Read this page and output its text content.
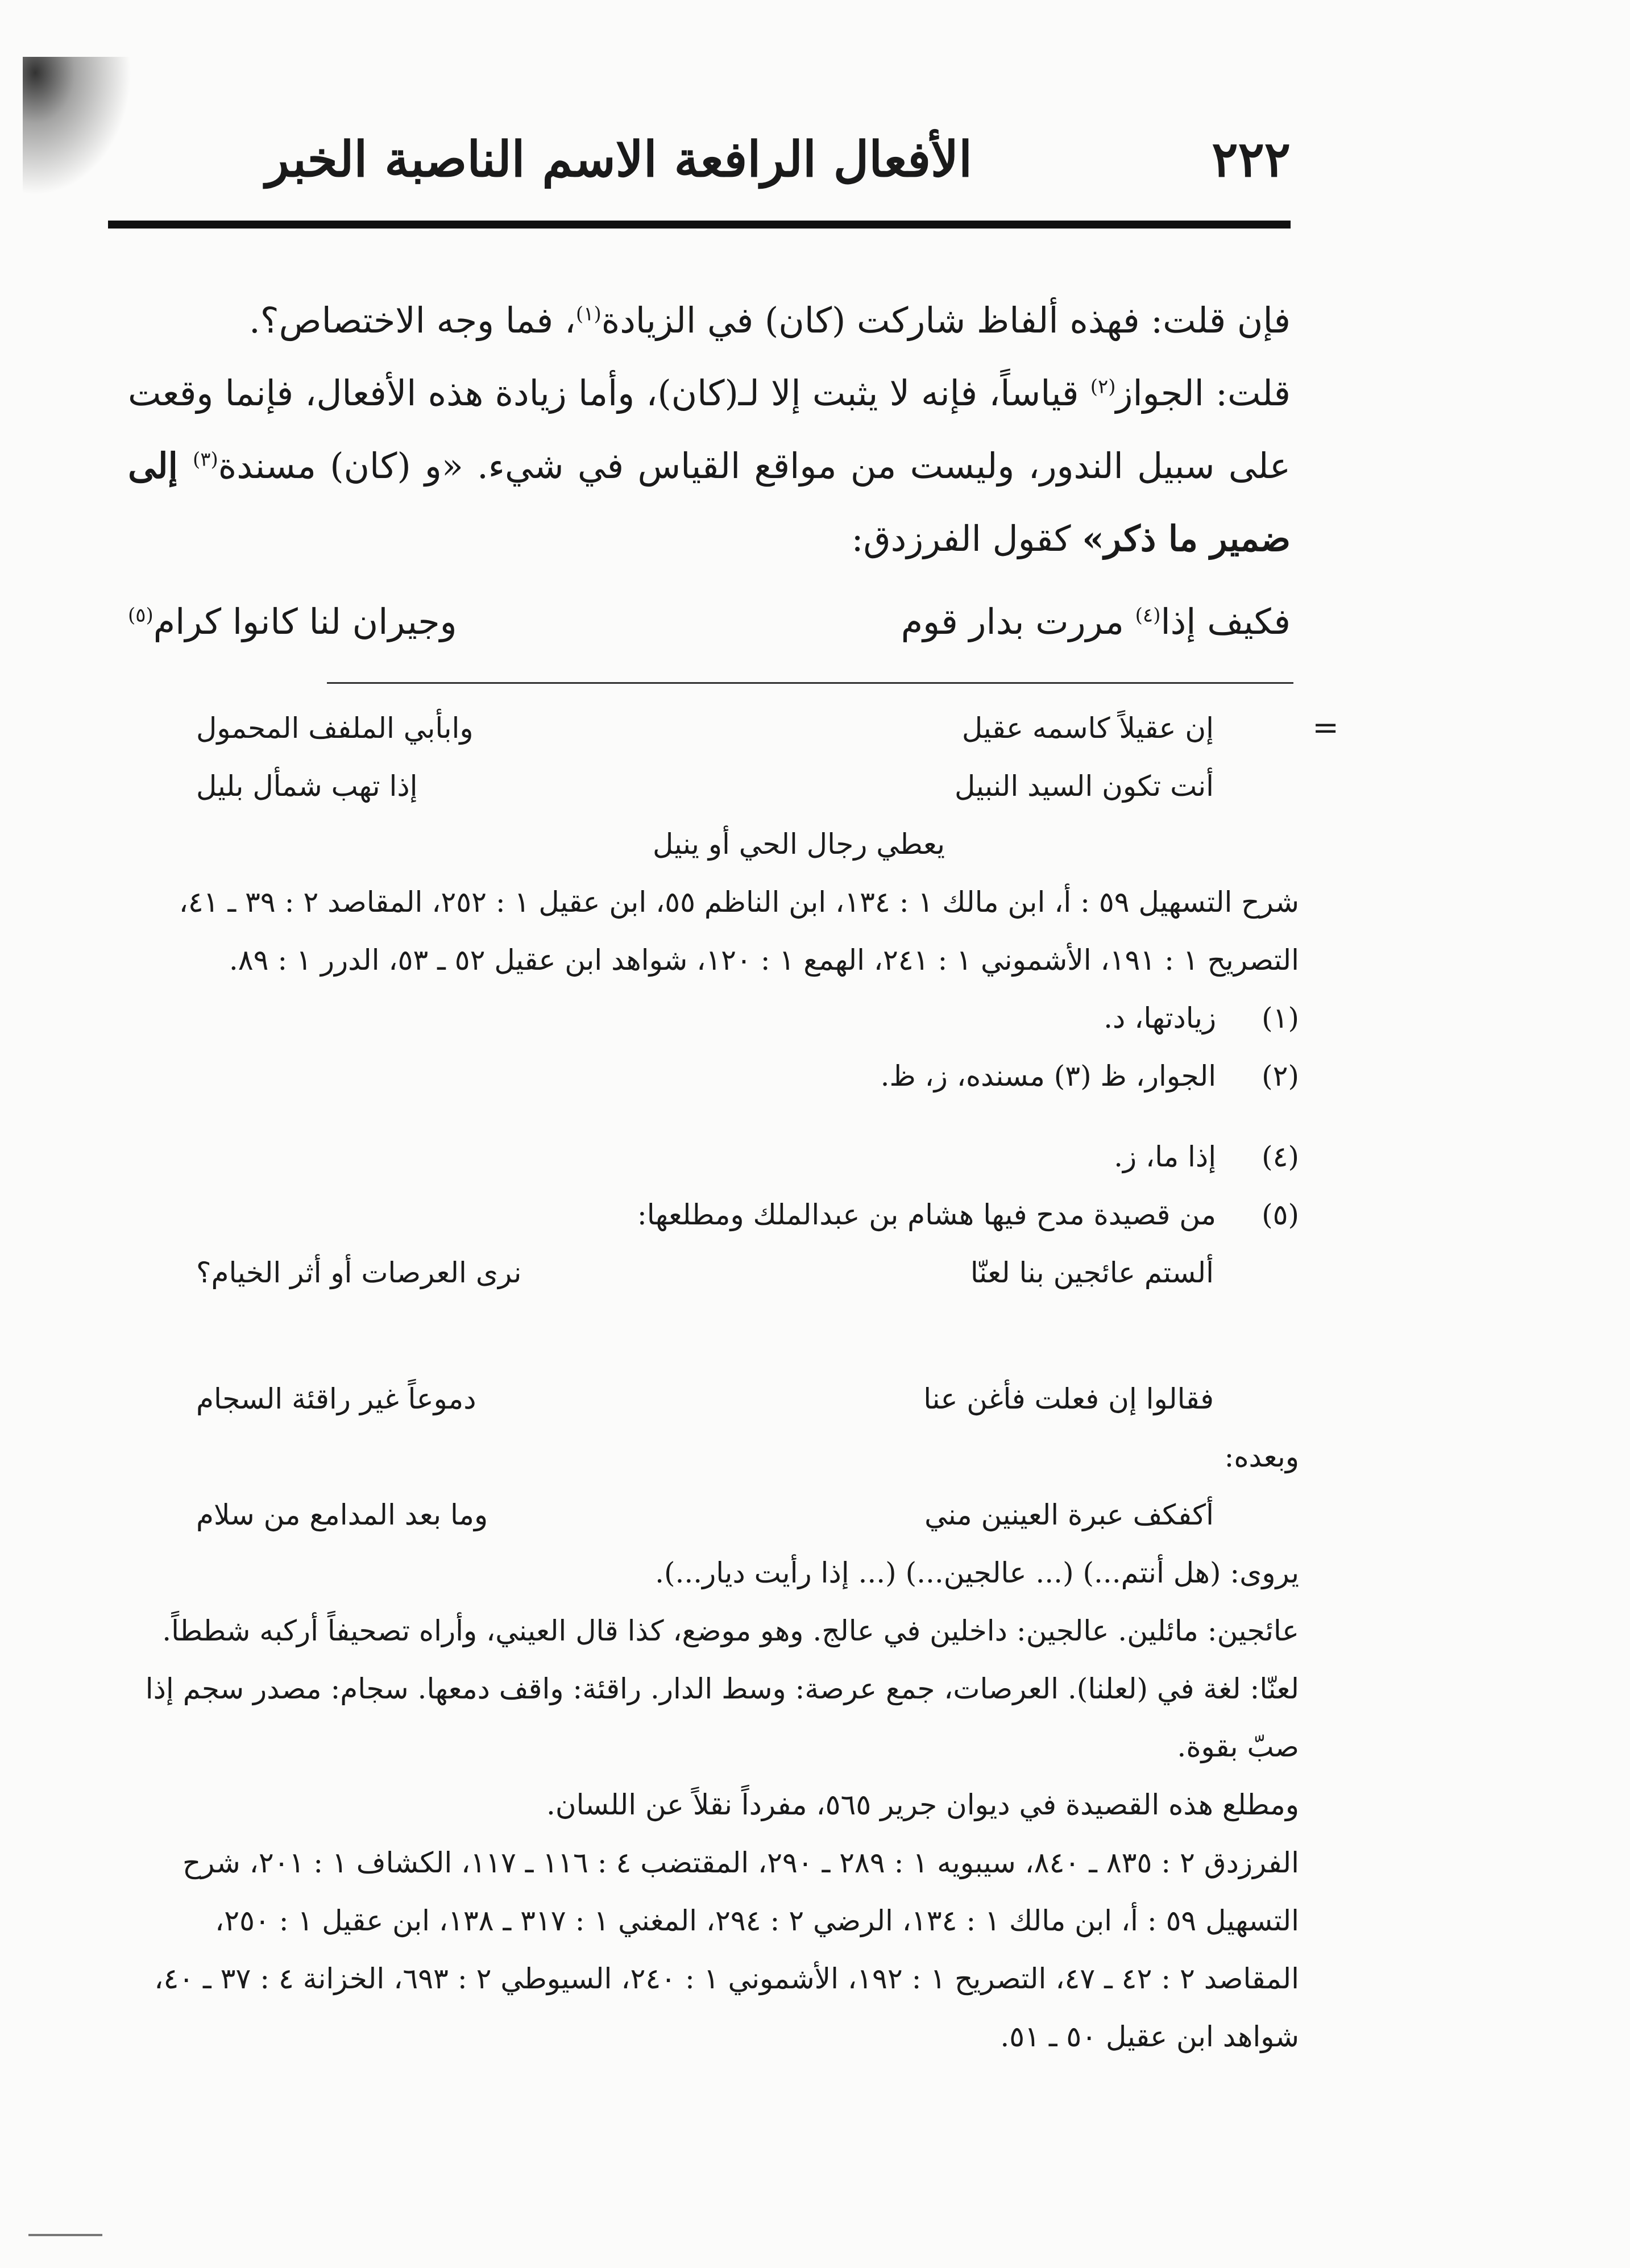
٢٢٢
الأفعال الرافعة الاسم الناصبة الخبر

فإن قلت: فهذه ألفاظ شاركت (كان) في الزيادة$^{(١)}$، فما وجه الاختصاص؟.

قلت: الجواز$^{(٢)}$ قياساً، فإنه لا يثبت إلا لـ(كان)، وأما زيادة هذه الأفعال، فإنما وقعت على سبيل الندور، وليست من مواقع القياس في شيء. «و (كان) مسندة$^{(٣)}$ إلى ضمير ما ذكر» كقول الفرزدق:

فكيف إذا$^{(٤)}$ مررت بدار قوم
وجيران لنا كانوا كرام$^{(٥)}$
=
إن عقيلاً كاسمه عقيل
وابأبي الملفف المحمول
أنت تكون السيد النبيل
إذا تهب شمأل بليل
يعطي رجال الحي أو ينيل

شرح التسهيل ٥٩ : أ، ابن مالك ١ : ١٣٤، ابن الناظم ٥٥، ابن عقيل ١ : ٢٥٢، المقاصد ٢ : ٣٩ ـ ٤١، التصريح ١ : ١٩١، الأشموني ١ : ٢٤١، الهمع ١ : ١٢٠، شواهد ابن عقيل ٥٢ ـ ٥٣، الدرر ١ : ٨٩.

(١) زيادتها، د.

(٢) الجوار، ظ (٣) مسنده، ز، ظ.

(٤) إذا ما، ز.

(٥) من قصيدة مدح فيها هشام بن عبدالملك ومطلعها:

ألستم عائجين بنا لعنّا
نرى العرصات أو أثر الخيام؟
فقالوا إن فعلت فأغن عنا
دموعاً غير راقئة السجام

وبعده:

أكفكف عبرة العينين مني
وما بعد المدامع من سلام

يروى: (هل أنتم...) (... عالجين...) (... إذا رأيت ديار...).

عائجين: مائلين. عالجين: داخلين في عالج. وهو موضع، كذا قال العيني، وأراه تصحيفاً أركبه شططاً. لعنّا: لغة في (لعلنا). العرصات، جمع عرصة: وسط الدار. راقئة: واقف دمعها. سجام: مصدر سجم إذا صبّ بقوة.

ومطلع هذه القصيدة في ديوان جرير ٥٦٥، مفرداً نقلاً عن اللسان.

الفرزدق ٢ : ٨٣٥ ـ ٨٤٠، سيبويه ١ : ٢٨٩ ـ ٢٩٠، المقتضب ٤ : ١١٦ ـ ١١٧، الكشاف ١ : ٢٠١، شرح التسهيل ٥٩ : أ، ابن مالك ١ : ١٣٤، الرضي ٢ : ٢٩٤، المغني ١ : ٣١٧ ـ ١٣٨، ابن عقيل ١ : ٢٥٠، المقاصد ٢ : ٤٢ ـ ٤٧، التصريح ١ : ١٩٢، الأشموني ١ : ٢٤٠، السيوطي ٢ : ٦٩٣، الخزانة ٤ : ٣٧ ـ ٤٠، شواهد ابن عقيل ٥٠ ـ ٥١.
